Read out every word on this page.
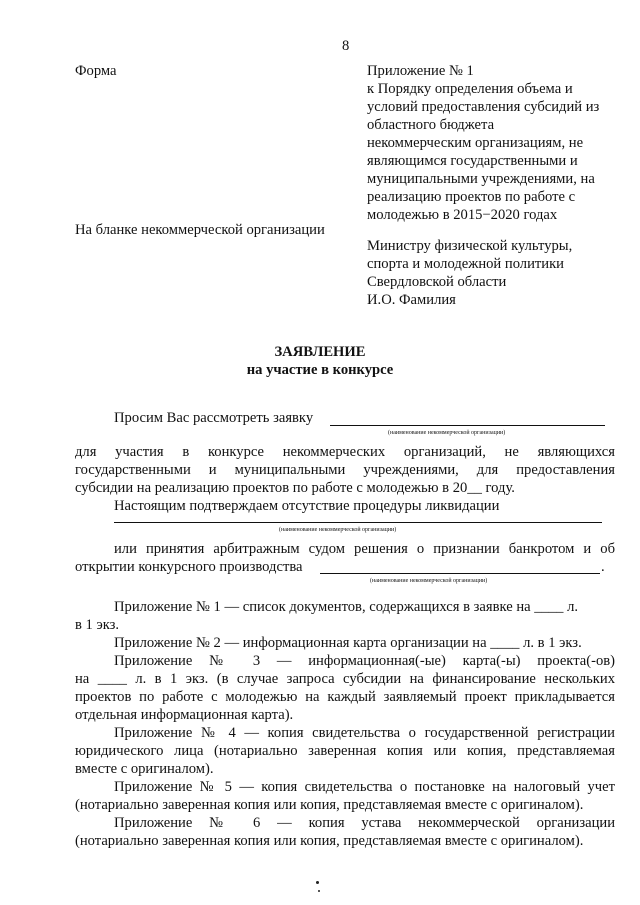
8
Форма	Приложение № 1
к Порядку определения объема и
условий предоставления субсидий из
областного бюджета
некоммерческим организациям, не
являющимся государственными и
муниципальными учреждениями, на
реализацию проектов по работе с
молодежью в 2015−2020 годах
На бланке некоммерческой организации
Министру физической культуры,
спорта и молодежной политики
Свердловской области
И.О. Фамилия
ЗАЯВЛЕНИЕ
на участие в конкурсе
Просим Вас рассмотреть заявку
(наименование некоммерческой организации)
для участия в конкурсе некоммерческих организаций, не являющихся
государственными и муниципальными учреждениями, для предоставления
субсидии на реализацию проектов по работе с молодежью в 20__ году.
Настоящим подтверждаем отсутствие процедуры ликвидации
(наименование некоммерческой организации)
или принятия арбитражным судом решения о признании банкротом и об
открытии конкурсного производства	.
(наименование некоммерческой организации)
Приложение № 1 — список документов, содержащихся в заявке на ____ л.
в 1 экз.
Приложение № 2 — информационная карта организации на ____ л. в 1 экз.
Приложение № 3 — информационная(-ые) карта(-ы) проекта(-ов)
на ____ л. в 1 экз. (в случае запроса субсидии на финансирование нескольких
проектов по работе с молодежью на каждый заявляемый проект прикладывается
отдельная информационная карта).
Приложение № 4 — копия свидетельства о государственной регистрации
юридического лица (нотариально заверенная копия или копия, представляемая
вместе с оригиналом).
Приложение № 5 — копия свидетельства о постановке на налоговый учет
(нотариально заверенная копия или копия, представляемая вместе с оригиналом).
Приложение № 6 — копия устава некоммерческой организации
(нотариально заверенная копия или копия, представляемая вместе с оригиналом).
